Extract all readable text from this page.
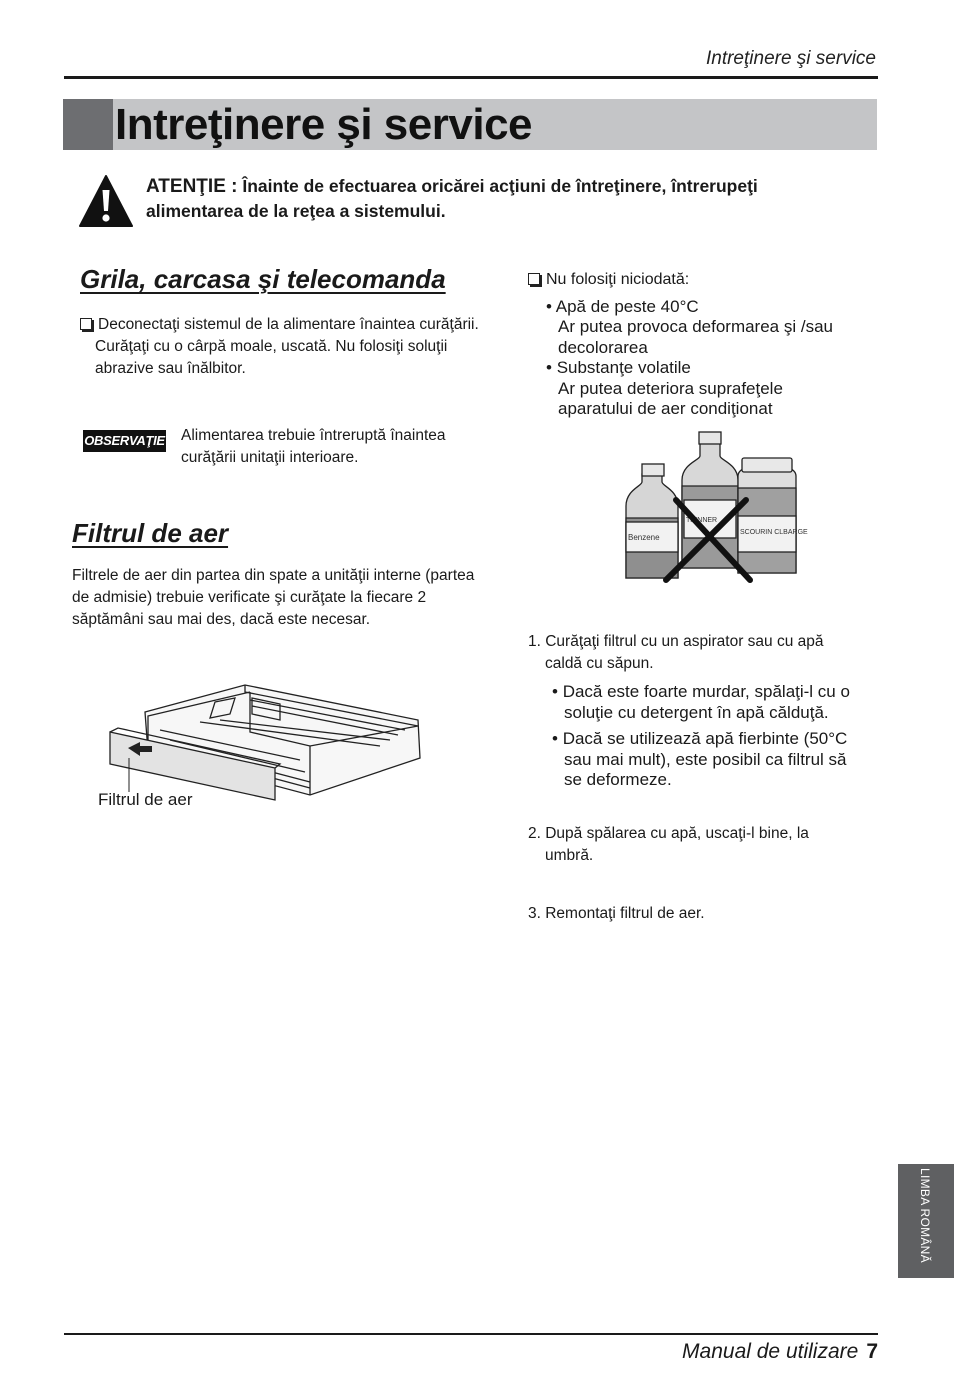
Intreţinere şi service
Intreţinere şi service
ATENŢIE : Înainte de efectuarea oricărei acţiuni de întreţinere, întrerupeţi
alimentarea de la reţea a sistemului.
Grila, carcasa şi telecomanda
Deconectaţi sistemul de la alimentare înaintea curăţării.
Curăţaţi cu o cârpă moale, uscată. Nu folosiţi soluţii
abrazive sau înălbitor.
OBSERVAŢIE Alimentarea trebuie întreruptă înaintea
curăţării unitaţii interioare.
Filtrul de aer
Filtrele de aer din partea din spate a unităţii interne (partea
de admisie) trebuie verificate şi curăţate la fiecare 2
săptămâni sau mai des, dacă este necesar.
Filtrul de aer
Nu folosiţi niciodată:
• Apă de peste 40°C
Ar putea provoca deformarea şi /sau
decolorarea
• Substanţe volatile
Ar putea deteriora suprafeţele
aparatului de aer condiţionat
Benzene
THINNER
SCOURIN CLBARGE
1. Curăţaţi filtrul cu un aspirator sau cu apă
caldă cu săpun.
• Dacă este foarte murdar, spălaţi-l cu o
soluţie cu detergent în apă călduţă.
• Dacă se utilizează apă fierbinte (50°C
sau mai mult), este posibil ca filtrul să
se deformeze.
2. După spălarea cu apă, uscaţi-l bine, la
umbră.
3. Remontaţi filtrul de aer.
LIMBA ROMÂNĂ
Manual de utilizare 7
